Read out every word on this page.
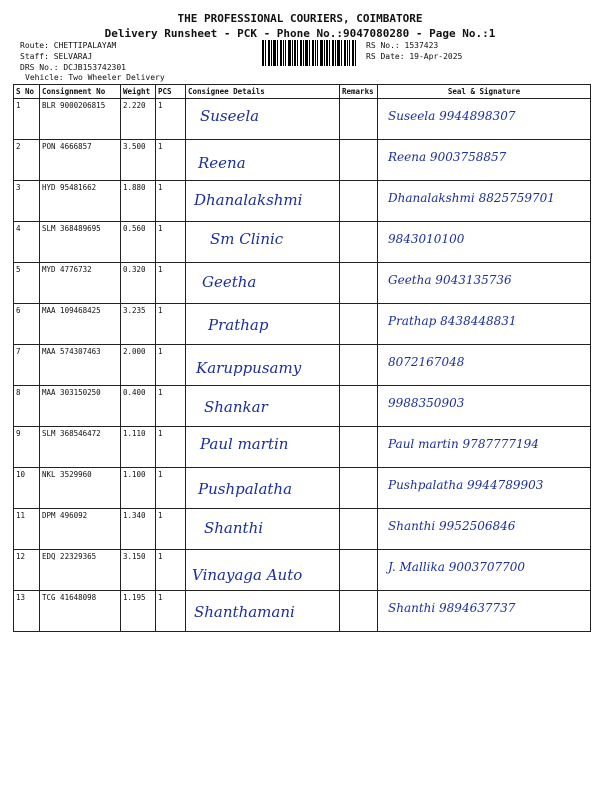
THE PROFESSIONAL COURIERS, COIMBATORE
Delivery Runsheet - PCK - Phone No.:9047080280 - Page No.:1
Route: CHETTIPALAYAM
Staff: SELVARAJ
DRS No.: DCJB153742301
Vehicle: Two Wheeler Delivery
RS No.: 1537423
RS Date: 19-Apr-2025
S No	Consignment No	Weight	PCS	Consignee Details	Remarks	Seal & Signature
1	BLR 9000206815	2.220	1	Suseela		Suseela 9944898307

2	PON 4666857	3.500	1	Reena		Reena 9003758857

3	HYD 95481662	1.880	1	Dhanalakshmi		Dhanalakshmi 8825759701

4	SLM 368489695	0.560	1	Sm Clinic		9843010100

5	MYD 4776732	0.320	1	Geetha		Geetha 9043135736

6	MAA 109468425	3.235	1	Prathap		Prathap 8438448831

7	MAA 574307463	2.000	1	Karuppusamy		8072167048

8	MAA 303150250	0.400	1	Shankar		9988350903

9	SLM 368546472	1.110	1	Paul martin		Paul martin 9787777194

10	NKL 3529960	1.100	1	Pushpalatha		Pushpalatha 9944789903

11	DPM 496092	1.340	1	Shanthi		Shanthi 9952506846

12	EDQ 22329365	3.150	1	Vinayaga Auto		J. Mallika 9003707700

13	TCG 41648098	1.195	1	Shanthamani		Shanthi 9894637737
